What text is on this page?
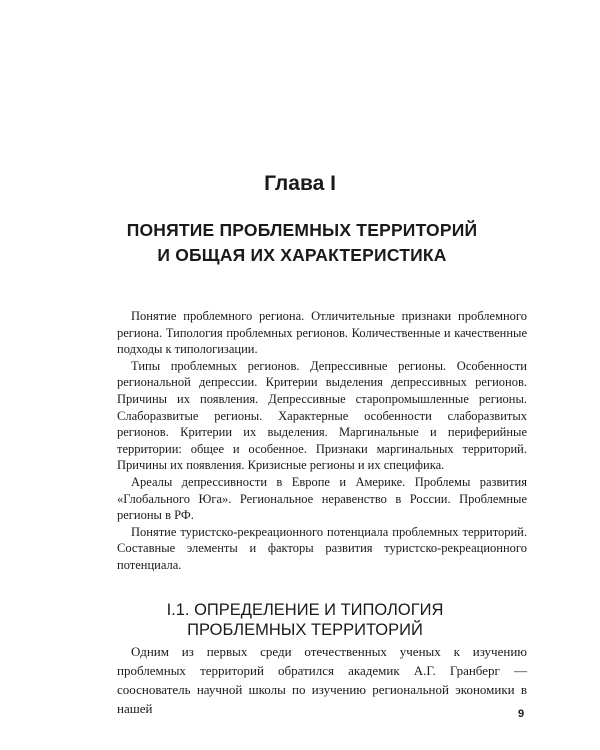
Глава I
ПОНЯТИЕ ПРОБЛЕМНЫХ ТЕРРИТОРИЙ
И ОБЩАЯ ИХ ХАРАКТЕРИСТИКА

Понятие проблемного региона. Отличительные признаки проблемного региона. Типология проблемных регионов. Количественные и качественные подходы к типологизации.

Типы проблемных регионов. Депрессивные регионы. Особенности региональной депрессии. Критерии выделения депрессивных регионов. Причины их появления. Депрессивные старопромышленные регионы. Слаборазвитые регионы. Характерные особенности слаборазвитых регионов. Критерии их выделения. Маргинальные и периферийные территории: общее и особенное. Признаки маргинальных территорий. Причины их появления. Кризисные регионы и их специфика.

Ареалы депрессивности в Европе и Америке. Проблемы развития «Глобального Юга». Региональное неравенство в России. Проблемные регионы в РФ.

Понятие туристско-рекреационного потенциала проблемных территорий. Составные элементы и факторы развития туристско-рекреационного потенциала.

I.1. ОПРЕДЕЛЕНИЕ И ТИПОЛОГИЯ
ПРОБЛЕМНЫХ ТЕРРИТОРИЙ

Одним из первых среди отечественных ученых к изучению проблемных территорий обратился академик А.Г. Гранберг — сооснователь научной школы по изучению региональной экономики в нашей	9
